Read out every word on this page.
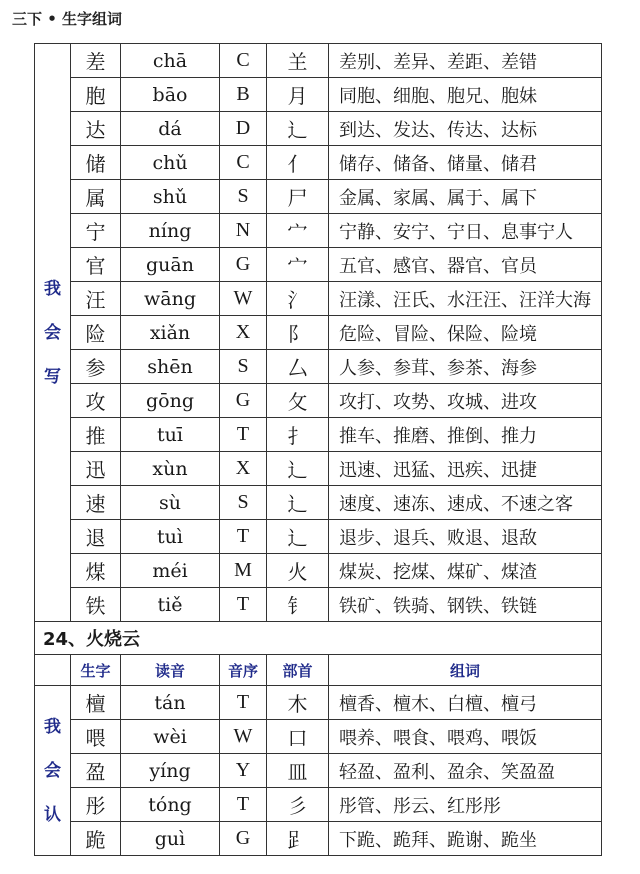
三下 • 生字组词
我
会
写	差	chā	C	𦍌	差别、差异、差距、差错
	胞	bāo	B	月	同胞、细胞、胞兄、胞妹
	达	dá	D	辶	到达、发达、传达、达标
	储	chǔ	C	亻	储存、储备、储量、储君
	属	shǔ	S	尸	金属、家属、属于、属下
	宁	níng	N	宀	宁静、安宁、宁日、息事宁人
	官	guān	G	宀	五官、感官、器官、官员
	汪	wāng	W	氵	汪漾、汪氏、水汪汪、汪洋大海
	险	xiǎn	X	阝	危险、冒险、保险、险境
	参	shēn	S	厶	人参、参茸、参茶、海参
	攻	gōng	G	攵	攻打、攻势、攻城、进攻
	推	tuī	T	扌	推车、推磨、推倒、推力
	迅	xùn	X	辶	迅速、迅猛、迅疾、迅捷
	速	sù	S	辶	速度、速冻、速成、不速之客
	退	tuì	T	辶	退步、退兵、败退、退敌
	煤	méi	M	火	煤炭、挖煤、煤矿、煤渣
	铁	tiě	T	钅	铁矿、铁骑、钢铁、铁链
24、火烧云					
	生字	读音	音序	部首	组词

我
会
认	檀	tán	T	木	檀香、檀木、白檀、檀弓
	喂	wèi	W	口	喂养、喂食、喂鸡、喂饭
	盈	yíng	Y	皿	轻盈、盈利、盈余、笑盈盈
	彤	tóng	T	彡	彤管、彤云、红彤彤
	跪	guì	G	𧾷	下跪、跪拜、跪谢、跪坐
